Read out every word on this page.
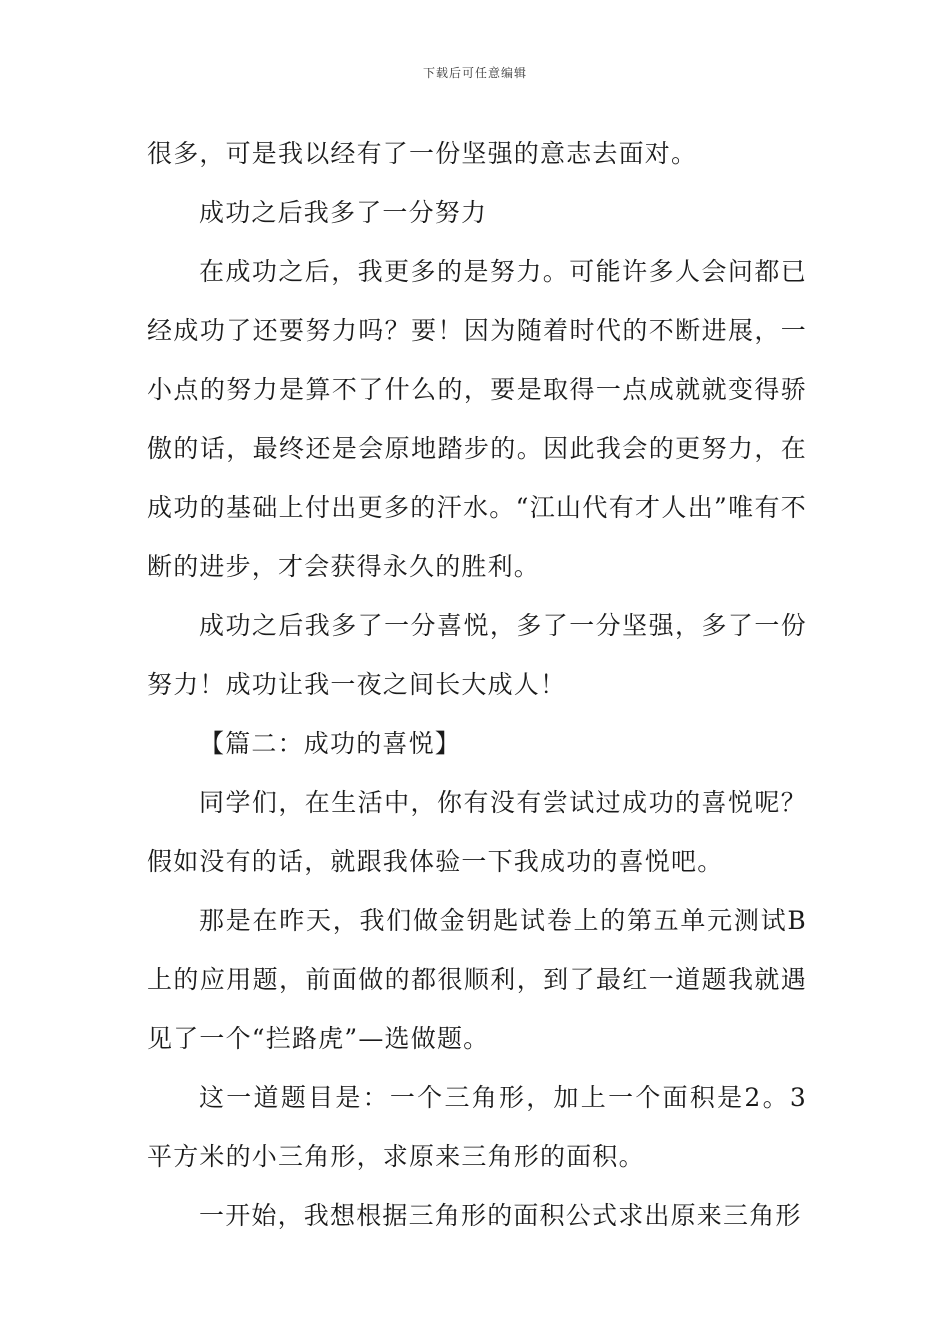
下载后可任意编辑

很多，可是我以经有了一份坚强的意志去面对。

成功之后我多了一分努力

在成功之后，我更多的是努力。可能许多人会问都已经成功了还要努力吗？要！因为随着时代的不断进展，一小点的努力是算不了什么的，要是取得一点成就就变得骄傲的话，最终还是会原地踏步的。因此我会的更努力，在成功的基础上付出更多的汗水。“江山代有才人出”唯有不断的进步，才会获得永久的胜利。

成功之后我多了一分喜悦，多了一分坚强，多了一份努力！成功让我一夜之间长大成人！

【篇二：成功的喜悦】

同学们，在生活中，你有没有尝试过成功的喜悦呢？假如没有的话，就跟我体验一下我成功的喜悦吧。

那是在昨天，我们做金钥匙试卷上的第五单元测试B上的应用题，前面做的都很顺利，到了最红一道题我就遇见了一个“拦路虎”—选做题。

这一道题目是：一个三角形，加上一个面积是2。3平方米的小三角形，求原来三角形的面积。

一开始，我想根据三角形的面积公式求出原来三角形
